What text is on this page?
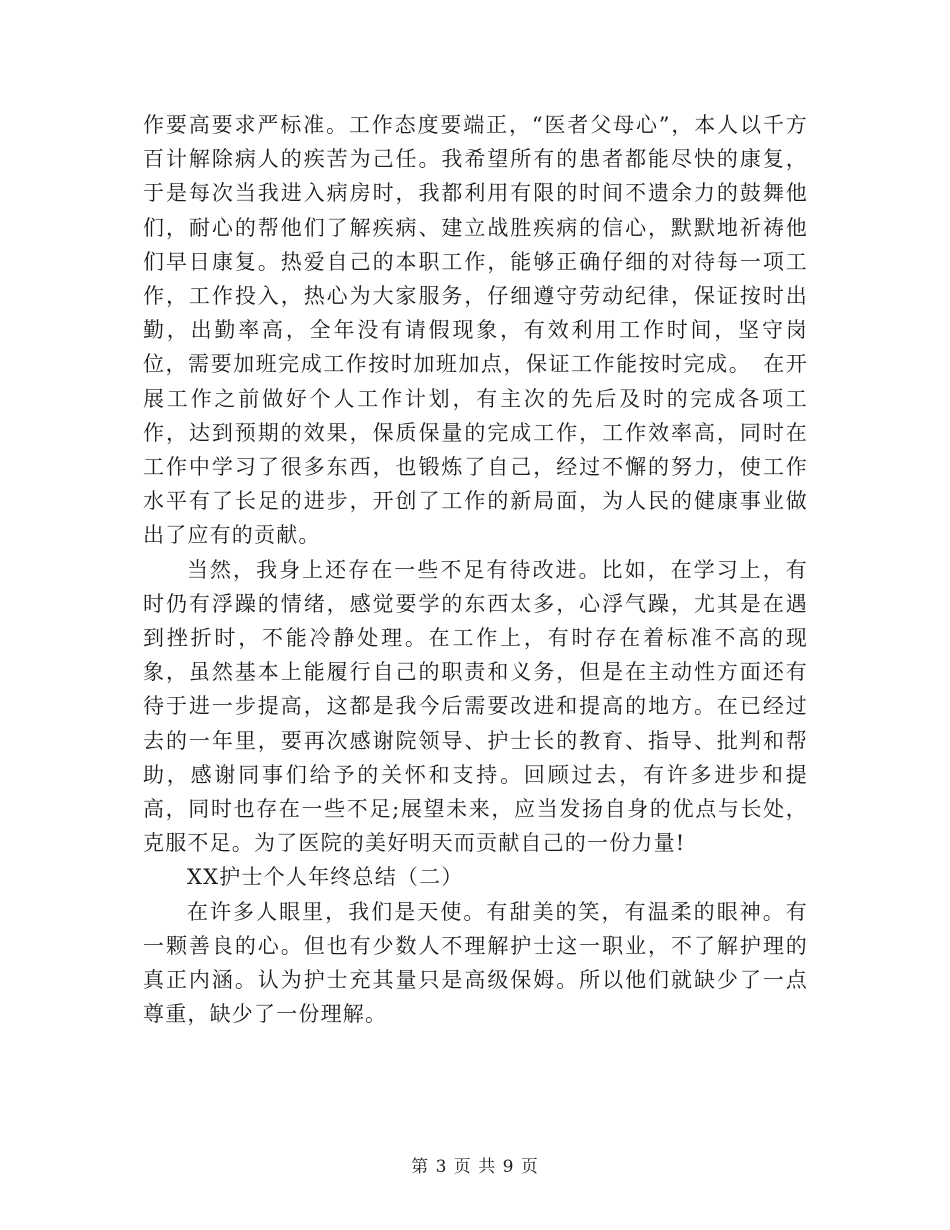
作要高要求严标准。工作态度要端正，“医者父母心”，本人以千方百计解除病人的疾苦为己任。我希望所有的患者都能尽快的康复，于是每次当我进入病房时，我都利用有限的时间不遗余力的鼓舞他们，耐心的帮他们了解疾病、建立战胜疾病的信心，默默地祈祷他们早日康复。热爱自己的本职工作，能够正确仔细的对待每一项工作，工作投入，热心为大家服务，仔细遵守劳动纪律，保证按时出勤，出勤率高，全年没有请假现象，有效利用工作时间，坚守岗位，需要加班完成工作按时加班加点，保证工作能按时完成。　在开展工作之前做好个人工作计划，有主次的先后及时的完成各项工作，达到预期的效果，保质保量的完成工作，工作效率高，同时在工作中学习了很多东西，也锻炼了自己，经过不懈的努力，使工作水平有了长足的进步，开创了工作的新局面，为人民的健康事业做出了应有的贡献。

当然，我身上还存在一些不足有待改进。比如，在学习上，有时仍有浮躁的情绪，感觉要学的东西太多，心浮气躁，尤其是在遇到挫折时，不能冷静处理。在工作上，有时存在着标准不高的现象，虽然基本上能履行自己的职责和义务，但是在主动性方面还有待于进一步提高，这都是我今后需要改进和提高的地方。在已经过去的一年里，要再次感谢院领导、护士长的教育、指导、批判和帮助，感谢同事们给予的关怀和支持。回顾过去，有许多进步和提高，同时也存在一些不足;展望未来，应当发扬自身的优点与长处，克服不足。为了医院的美好明天而贡献自己的一份力量!

XX护士个人年终总结（二）

在许多人眼里，我们是天使。有甜美的笑，有温柔的眼神。有一颗善良的心。但也有少数人不理解护士这一职业，不了解护理的真正内涵。认为护士充其量只是高级保姆。所以他们就缺少了一点尊重，缺少了一份理解。

第 3 页 共 9 页
